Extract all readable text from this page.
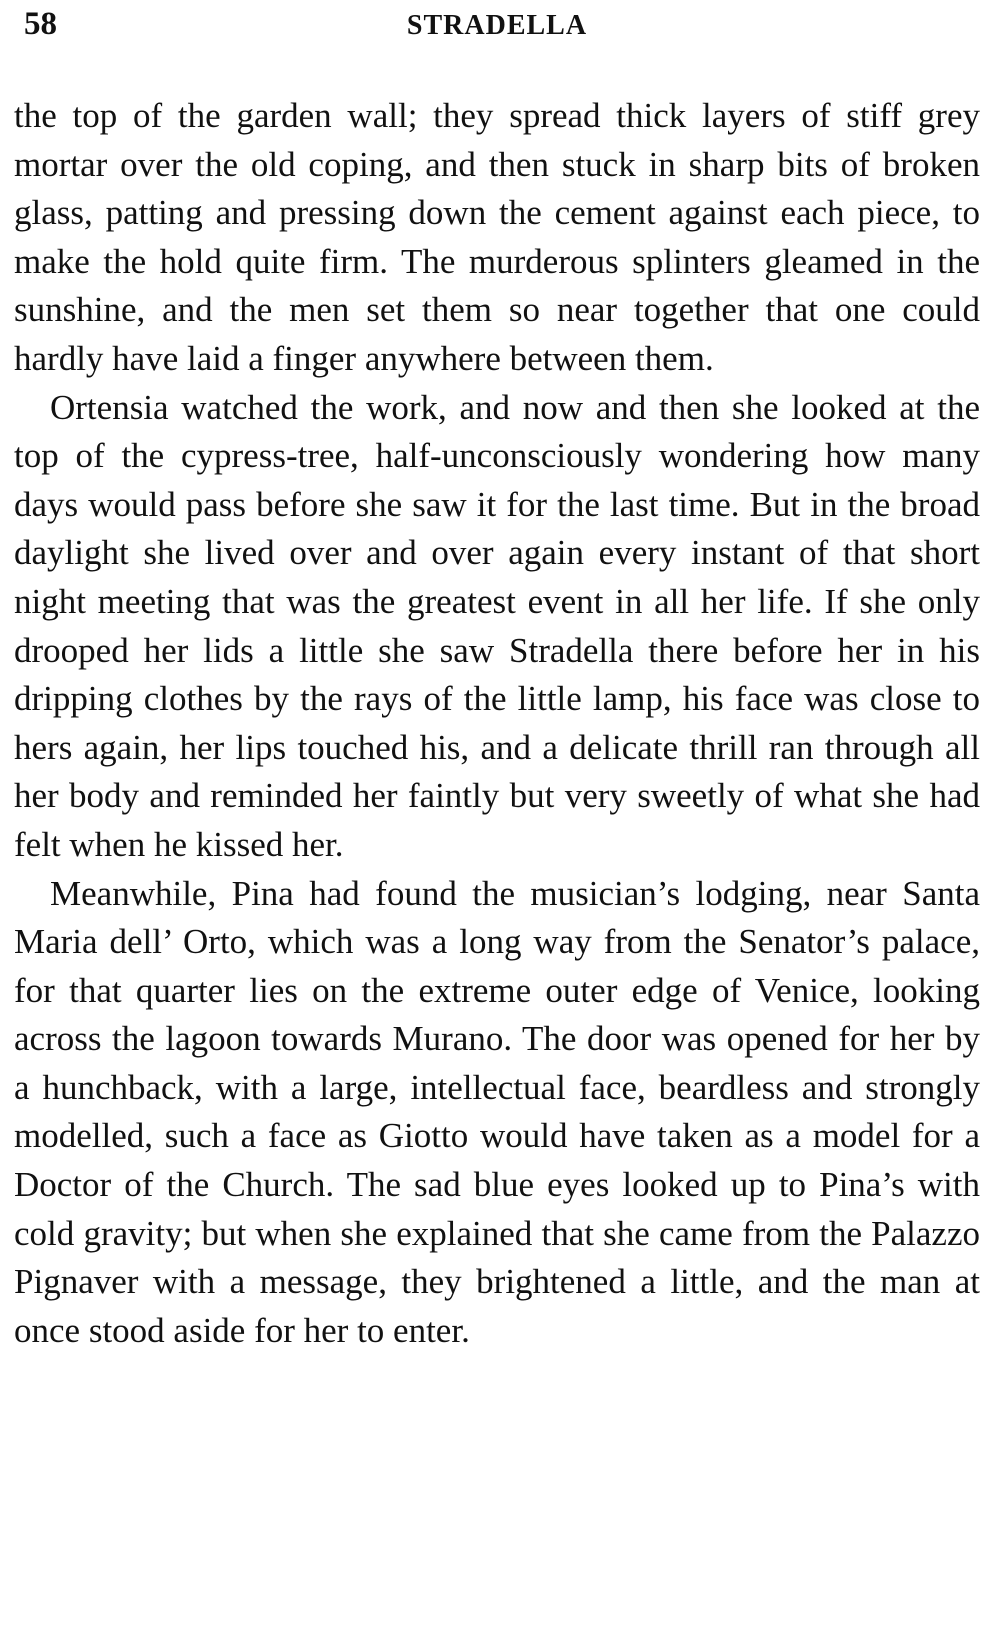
58	STRADELLA

the top of the garden wall; they spread thick layers of stiff grey mortar over the old coping, and then stuck in sharp bits of broken glass, patting and pressing down the cement against each piece, to make the hold quite firm. The murderous splinters gleamed in the sunshine, and the men set them so near together that one could hardly have laid a finger anywhere between them.

Ortensia watched the work, and now and then she looked at the top of the cypress-tree, half-unconsciously wondering how many days would pass before she saw it for the last time. But in the broad daylight she lived over and over again every instant of that short night meeting that was the greatest event in all her life. If she only drooped her lids a little she saw Stradella there before her in his dripping clothes by the rays of the little lamp, his face was close to hers again, her lips touched his, and a delicate thrill ran through all her body and reminded her faintly but very sweetly of what she had felt when he kissed her.

Meanwhile, Pina had found the musician’s lodging, near Santa Maria dell’ Orto, which was a long way from the Senator’s palace, for that quarter lies on the extreme outer edge of Venice, looking across the lagoon towards Murano. The door was opened for her by a hunchback, with a large, intellectual face, beardless and strongly modelled, such a face as Giotto would have taken as a model for a Doctor of the Church. The sad blue eyes looked up to Pina’s with cold gravity; but when she explained that she came from the Palazzo Pignaver with a message, they brightened a little, and the man at once stood aside for her to enter.
